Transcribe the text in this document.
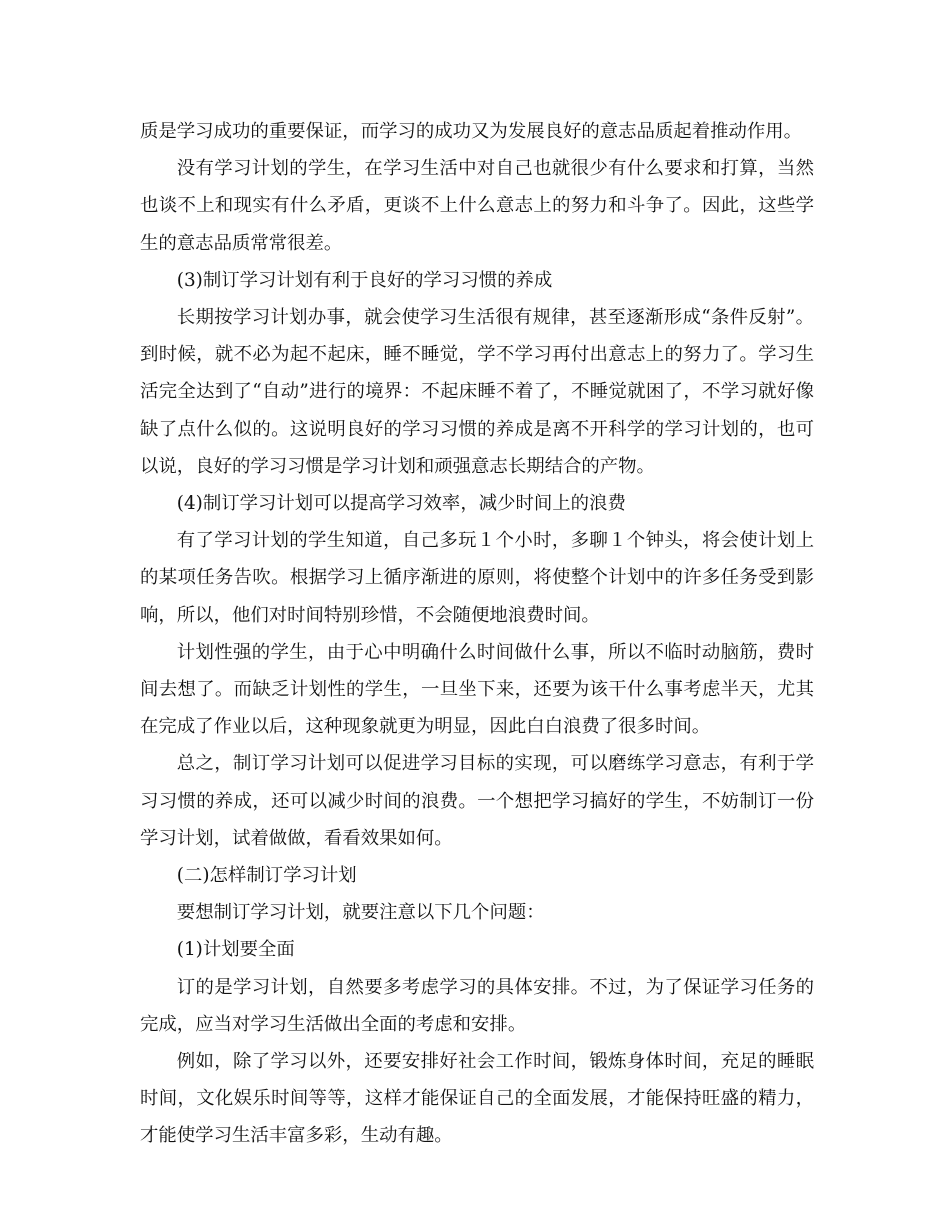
质是学习成功的重要保证，而学习的成功又为发展良好的意志品质起着推动作用。

没有学习计划的学生，在学习生活中对自己也就很少有什么要求和打算，当然也谈不上和现实有什么矛盾，更谈不上什么意志上的努力和斗争了。因此，这些学生的意志品质常常很差。

(3)制订学习计划有利于良好的学习习惯的养成

长期按学习计划办事，就会使学习生活很有规律，甚至逐渐形成“条件反射”。到时候，就不必为起不起床，睡不睡觉，学不学习再付出意志上的努力了。学习生活完全达到了“自动”进行的境界：不起床睡不着了，不睡觉就困了，不学习就好像缺了点什么似的。这说明良好的学习习惯的养成是离不开科学的学习计划的，也可以说，良好的学习习惯是学习计划和顽强意志长期结合的产物。

(4)制订学习计划可以提高学习效率，减少时间上的浪费

有了学习计划的学生知道，自己多玩１个小时，多聊１个钟头，将会使计划上的某项任务告吹。根据学习上循序渐进的原则，将使整个计划中的许多任务受到影响，所以，他们对时间特别珍惜，不会随便地浪费时间。

计划性强的学生，由于心中明确什么时间做什么事，所以不临时动脑筋，费时间去想了。而缺乏计划性的学生，一旦坐下来，还要为该干什么事考虑半天，尤其在完成了作业以后，这种现象就更为明显，因此白白浪费了很多时间。

总之，制订学习计划可以促进学习目标的实现，可以磨练学习意志，有利于学习习惯的养成，还可以减少时间的浪费。一个想把学习搞好的学生，不妨制订一份学习计划，试着做做，看看效果如何。

(二)怎样制订学习计划

要想制订学习计划，就要注意以下几个问题：

(1)计划要全面

订的是学习计划，自然要多考虑学习的具体安排。不过，为了保证学习任务的完成，应当对学习生活做出全面的考虑和安排。

例如，除了学习以外，还要安排好社会工作时间，锻炼身体时间，充足的睡眠时间，文化娱乐时间等等，这样才能保证自己的全面发展，才能保持旺盛的精力，才能使学习生活丰富多彩，生动有趣。
